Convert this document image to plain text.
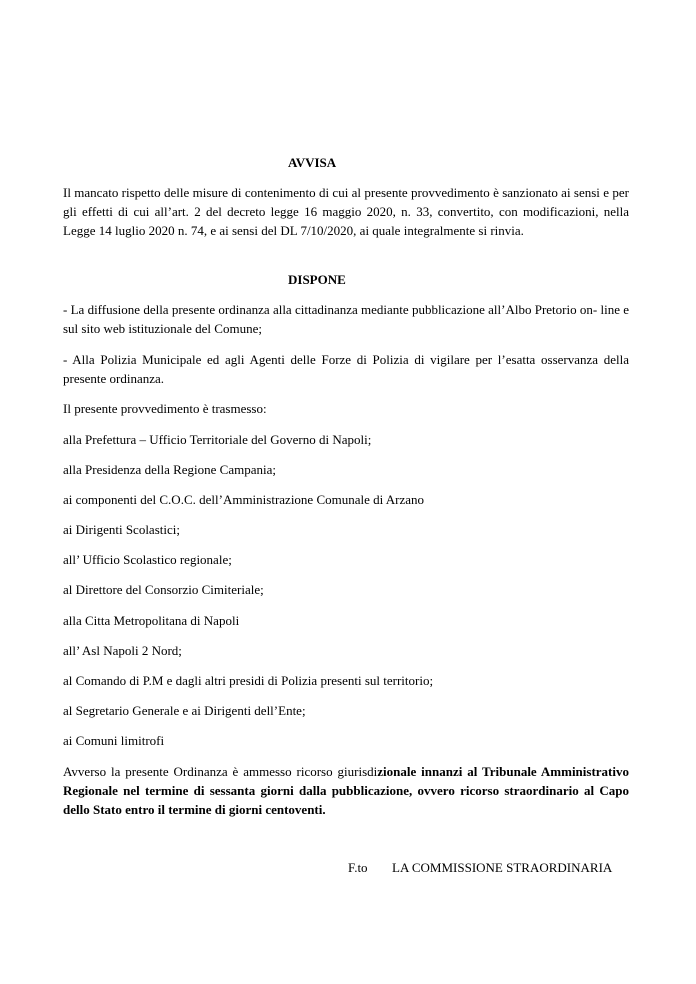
AVVISA

Il mancato rispetto delle misure di contenimento di cui al presente provvedimento è sanzionato ai sensi e per gli effetti di cui all’art. 2 del decreto legge 16 maggio 2020, n. 33, convertito, con modificazioni, nella Legge 14 luglio 2020 n. 74, e ai sensi del DL 7/10/2020, ai quale integralmente si rinvia.

DISPONE

- La diffusione della presente ordinanza alla cittadinanza mediante pubblicazione all’Albo Pretorio on- line e sul sito web istituzionale del Comune;

- Alla Polizia Municipale ed agli Agenti delle Forze di Polizia di vigilare per l’esatta osservanza della presente ordinanza.

Il presente provvedimento è trasmesso:

alla Prefettura – Ufficio Territoriale del Governo di Napoli;

alla Presidenza della Regione Campania;

ai componenti del C.O.C. dell’Amministrazione Comunale di Arzano

ai Dirigenti Scolastici;

all’ Ufficio Scolastico regionale;

al Direttore del Consorzio Cimiteriale;

alla Citta Metropolitana di Napoli

all’ Asl Napoli 2 Nord;

al Comando di P.M e dagli altri presidi di Polizia presenti sul territorio;

al Segretario Generale e ai Dirigenti dell’Ente;

ai Comuni limitrofi

Avverso la presente Ordinanza è ammesso ricorso giurisdizionale innanzi al Tribunale Amministrativo Regionale nel termine di sessanta giorni dalla pubblicazione, ovvero ricorso straordinario al Capo dello Stato entro il termine di giorni centoventi.

F.to LA COMMISSIONE STRAORDINARIA
